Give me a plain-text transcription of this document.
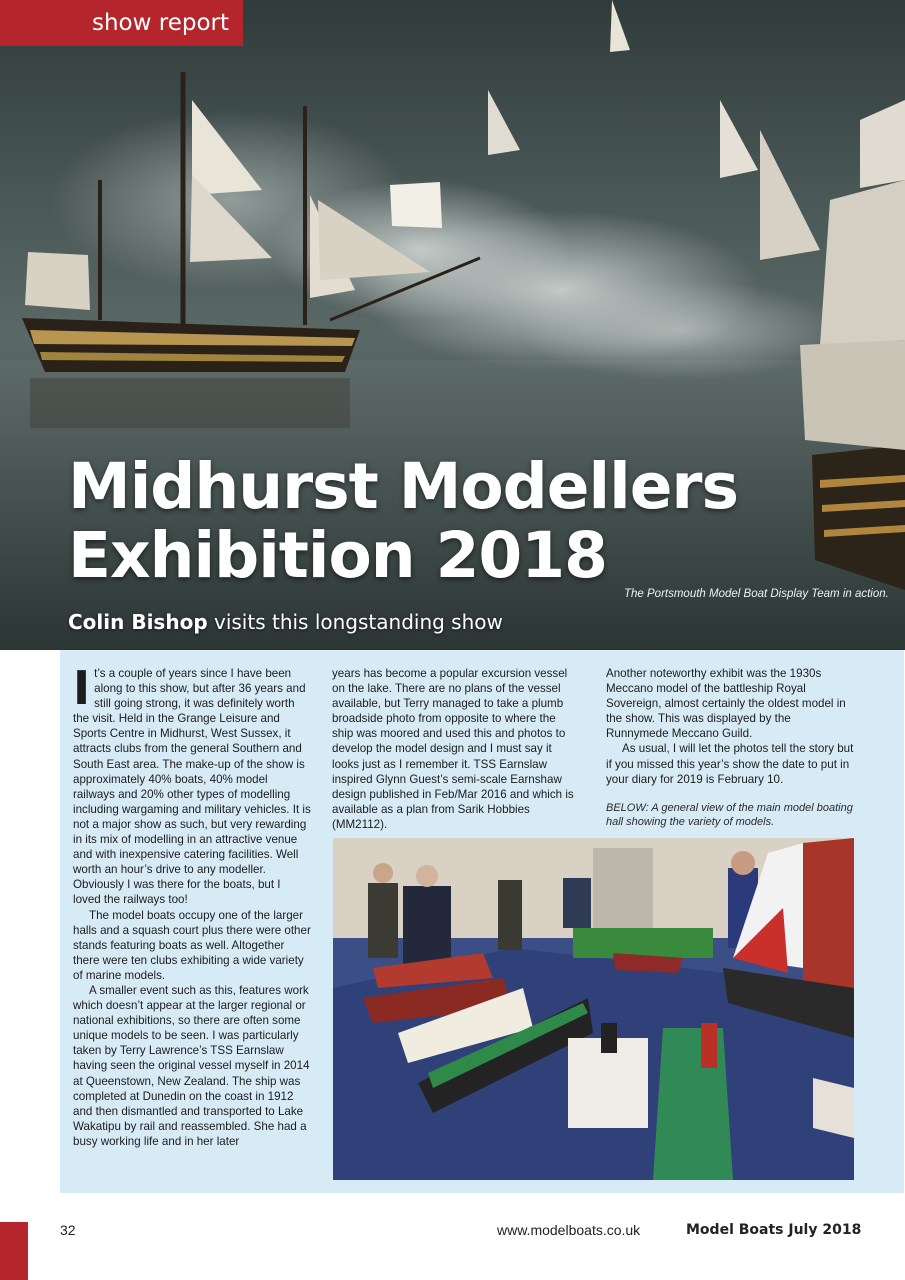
show report
Midhurst Modellers
Exhibition 2018
The Portsmouth Model Boat Display Team in action.
Colin Bishop visits this longstanding show

It’s a couple of years since I have been along to this show, but after 36 years and still going strong, it was definitely worth the visit. Held in the Grange Leisure and Sports Centre in Midhurst, West Sussex, it attracts clubs from the general Southern and South East area. The make-up of the show is approximately 40% boats, 40% model railways and 20% other types of modelling including wargaming and military vehicles. It is not a major show as such, but very rewarding in its mix of modelling in an attractive venue and with inexpensive catering facilities. Well worth an hour’s drive to any modeller. Obviously I was there for the boats, but I loved the railways too!

The model boats occupy one of the larger halls and a squash court plus there were other stands featuring boats as well. Altogether there were ten clubs exhibiting a wide variety of marine models.

A smaller event such as this, features work which doesn’t appear at the larger regional or national exhibitions, so there are often some unique models to be seen. I was particularly taken by Terry Lawrence’s TSS Earnslaw having seen the original vessel myself in 2014 at Queenstown, New Zealand. The ship was completed at Dunedin on the coast in 1912 and then dismantled and transported to Lake Wakatipu by rail and reassembled. She had a busy working life and in her later

years has become a popular excursion vessel on the lake. There are no plans of the vessel available, but Terry managed to take a plumb broadside photo from opposite to where the ship was moored and used this and photos to develop the model design and I must say it looks just as I remember it. TSS Earnslaw inspired Glynn Guest’s semi-scale Earnshaw design published in Feb/Mar 2016 and which is available as a plan from Sarik Hobbies (MM2112).

Another noteworthy exhibit was the 1930s Meccano model of the battleship Royal Sovereign, almost certainly the oldest model in the show. This was displayed by the Runnymede Meccano Guild.

As usual, I will let the photos tell the story but if you missed this year’s show the date to put in your diary for 2019 is February 10.

BELOW: A general view of the main model boating hall showing the variety of models.

32	www.modelboats.co.uk	Model Boats July 2018
